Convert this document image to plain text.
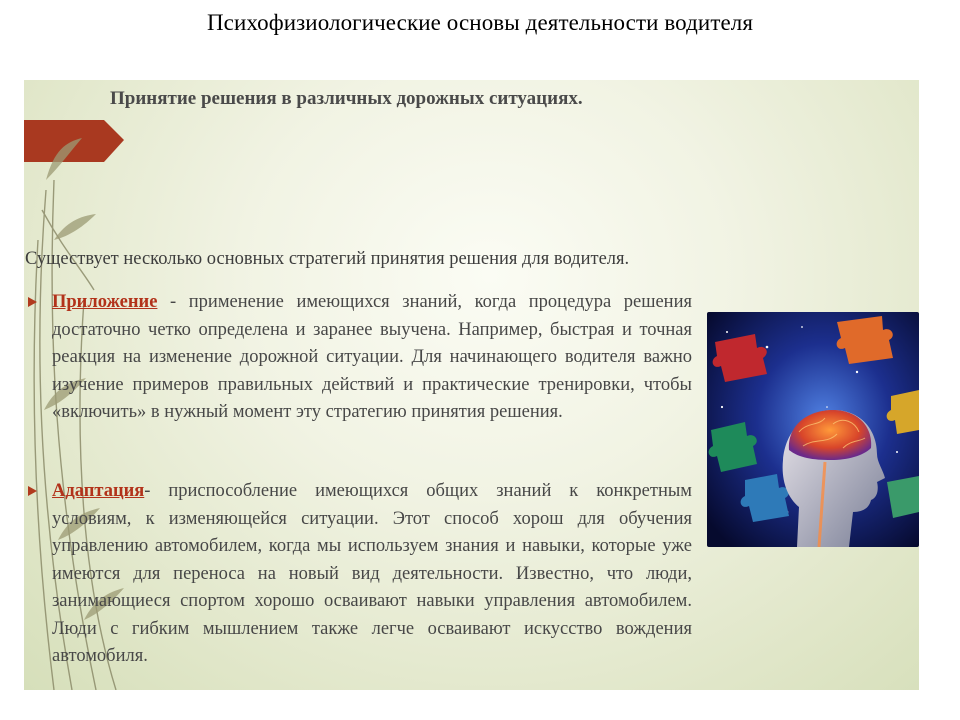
Психофизиологические основы деятельности водителя
Принятие решения в различных дорожных ситуациях.
Существует несколько основных стратегий принятия решения для водителя.
Приложение - применение имеющихся знаний, когда процедура решения достаточно четко определена и заранее выучена. Например, быстрая и точная реакция на изменение дорожной ситуации. Для начинающего водителя важно изучение примеров правильных действий и практические тренировки, чтобы «включить» в нужный момент эту стратегию принятия решения.
Адаптация- приспособление имеющихся общих знаний к конкретным условиям, к изменяющейся ситуации. Этот способ хорош для обучения управлению автомобилем, когда мы используем знания и навыки, которые уже имеются для переноса на новый вид деятельности. Известно, что люди, занимающиеся спортом хорошо осваивают навыки управления автомобилем. Люди с гибким мышлением также легче осваивают искусство вождения автомобиля.
